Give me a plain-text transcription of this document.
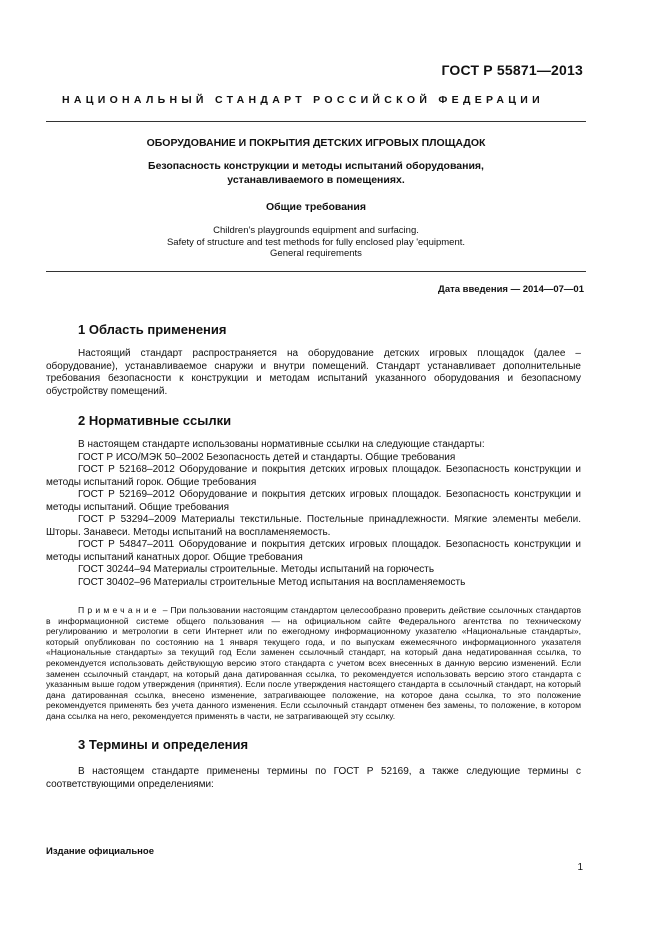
ГОСТ Р 55871—2013
НАЦИОНАЛЬНЫЙ СТАНДАРТ РОССИЙСКОЙ ФЕДЕРАЦИИ
ОБОРУДОВАНИЕ И ПОКРЫТИЯ ДЕТСКИХ ИГРОВЫХ ПЛОЩАДОК
Безопасность конструкции и методы испытаний оборудования,
устанавливаемого в помещениях.
Общие требования
Children’s playgrounds equipment and surfacing.
Safety of structure and test methods for fully enclosed play 'equipment.
General requirements
Дата введения — 2014—07—01
1 Область применения
Настоящий стандарт распространяется на оборудование детских игровых площадок (далее – оборудование), устанавливаемое снаружи и внутри помещений. Стандарт устанавливает дополнительные требования безопасности к конструкции и методам испытаний указанного оборудования и безопасному обустройству помещений.
2 Нормативные ссылки
В настоящем стандарте использованы нормативные ссылки на следующие стандарты:
ГОСТ Р ИСО/МЭК 50–2002 Безопасность детей и стандарты. Общие требования
ГОСТ Р 52168–2012 Оборудование и покрытия детских игровых площадок. Безопасность конструкции и методы испытаний горок. Общие требования
ГОСТ Р 52169–2012 Оборудование и покрытия детских игровых площадок. Безопасность конструкции и методы испытаний. Общие требования
ГОСТ Р 53294–2009 Материалы текстильные. Постельные принадлежности. Мягкие элементы мебели. Шторы. Занавеси. Методы испытаний на воспламеняемость.
ГОСТ Р 54847–2011 Оборудование и покрытия детских игровых площадок. Безопасность конструкции и методы испытаний канатных дорог. Общие требования
ГОСТ 30244–94 Материалы строительные. Методы испытаний на горючесть
ГОСТ 30402–96 Материалы строительные Метод испытания на воспламеняемость
Примечание – При пользовании настоящим стандартом целесообразно проверить действие ссылочных стандартов в информационной системе общего пользования — на официальном сайте Федерального агентства по техническому регулированию и метрологии в сети Интернет или по ежегодному информационному указателю «Национальные стандарты», который опубликован по состоянию на 1 января текущего года, и по выпускам ежемесячного информационного указателя «Национальные стандарты» за текущий год Если заменен ссылочный стандарт, на который дана недатированная ссылка, то рекомендуется использовать действующую версию этого стандарта с учетом всех внесенных в данную версию изменений. Если заменен ссылочный стандарт, на который дана датированная ссылка, то рекомендуется использовать версию этого стандарта с указанным выше годом утверждения (принятия). Если после утверждения настоящего стандарта в ссылочный стандарт, на который дана датированная ссылка, внесено изменение, затрагивающее положение, на которое дана ссылка, то это положение рекомендуется применять без учета данного изменения. Если ссылочный стандарт отменен без замены, то положение, в котором дана ссылка на него, рекомендуется применять в части, не затрагивающей эту ссылку.
3 Термины и определения
В настоящем стандарте применены термины по ГОСТ Р 52169, а также следующие термины с соответствующими определениями:
Издание официальное
1
